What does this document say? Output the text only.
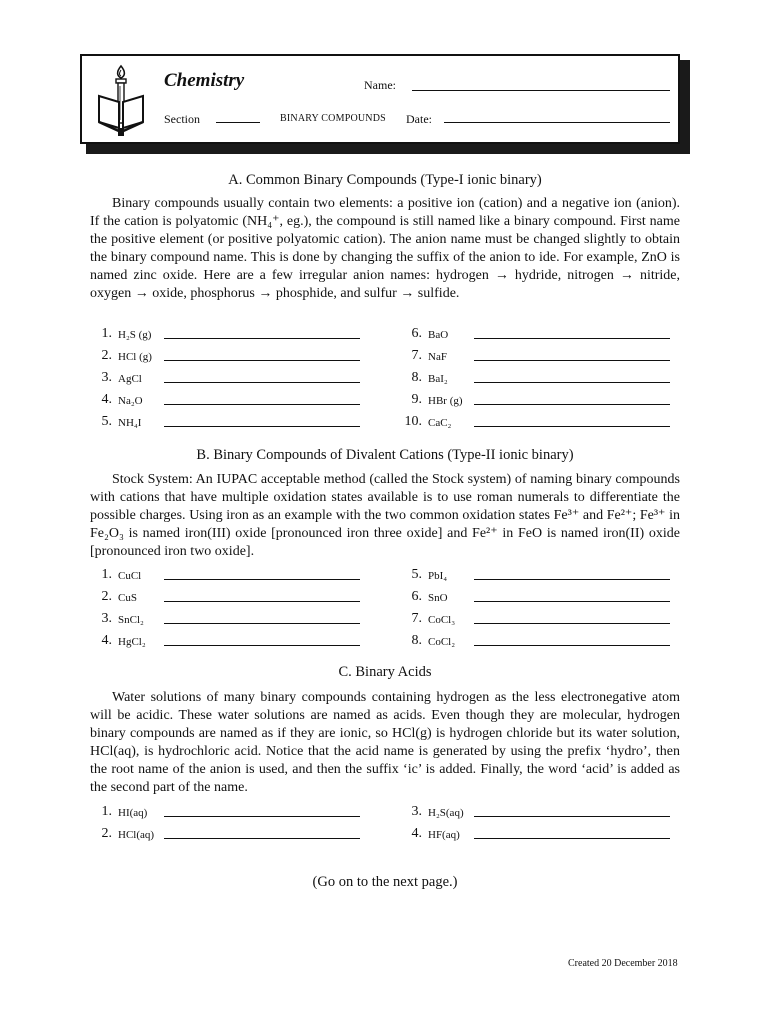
Chemistry	Name:
Section	BINARY COMPOUNDS Date:
A. Common Binary Compounds (Type-I ionic binary)
Binary compounds usually contain two elements: a positive ion (cation) and a negative ion (anion). If the cation is polyatomic (NH₄⁺, eg.), the compound is still named like a binary compound. First name the positive element (or positive polyatomic cation). The anion name must be changed slightly to obtain the binary compound name. This is done by changing the suffix of the anion to ide. For example, ZnO is named zinc oxide. Here are a few irregular anion names: hydrogen → hydride, nitrogen → nitride, oxygen → oxide, phosphorus → phosphide, and sulfur → sulfide.
1. H₂S (g)
2. HCl (g)
3. AgCl
4. Na₂O
5. NH₄I
6. BaO
7. NaF
8. BaI₂
9. HBr (g)
10. CaC₂
B. Binary Compounds of Divalent Cations (Type-II ionic binary)
Stock System: An IUPAC acceptable method (called the Stock system) of naming binary compounds with cations that have multiple oxidation states available is to use roman numerals to differentiate the possible charges. Using iron as an example with the two common oxidation states Fe³⁺ and Fe²⁺; Fe³⁺ in Fe₂O₃ is named iron(III) oxide [pronounced iron three oxide] and Fe²⁺ in FeO is named iron(II) oxide [pronounced iron two oxide].
1. CuCl
2. CuS
3. SnCl₂
4. HgCl₂
5. PbI₄
6. SnO
7. CoCl₃
8. CoCl₂
C. Binary Acids
Water solutions of many binary compounds containing hydrogen as the less electronegative atom will be acidic. These water solutions are named as acids. Even though they are molecular, hydrogen binary compounds are named as if they are ionic, so HCl(g) is hydrogen chloride but its water solution, HCl(aq), is hydrochloric acid. Notice that the acid name is generated by using the prefix ‘hydro’, then the root name of the anion is used, and then the suffix ‘ic’ is added. Finally, the word ‘acid’ is added as the second part of the name.
1. HI(aq)
2. HCl(aq)
3. H₂S(aq)
4. HF(aq)
(Go on to the next page.)
Created 20 December 2018
